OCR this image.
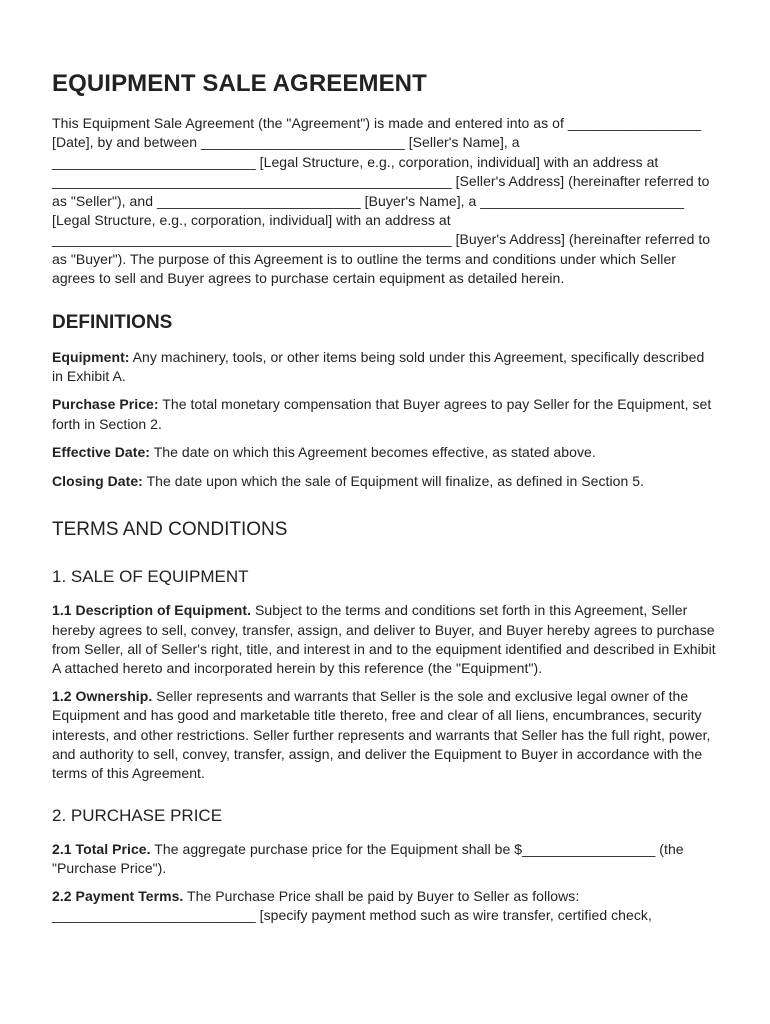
EQUIPMENT SALE AGREEMENT

This Equipment Sale Agreement (the "Agreement") is made and entered into as of _________________ [Date], by and between __________________________ [Seller's Name], a __________________________ [Legal Structure, e.g., corporation, individual] with an address at ___________________________________________________ [Seller's Address] (hereinafter referred to as "Seller"), and __________________________ [Buyer's Name], a __________________________ [Legal Structure, e.g., corporation, individual] with an address at ___________________________________________________ [Buyer's Address] (hereinafter referred to as "Buyer"). The purpose of this Agreement is to outline the terms and conditions under which Seller agrees to sell and Buyer agrees to purchase certain equipment as detailed herein.

DEFINITIONS

Equipment: Any machinery, tools, or other items being sold under this Agreement, specifically described in Exhibit A.

Purchase Price: The total monetary compensation that Buyer agrees to pay Seller for the Equipment, set forth in Section 2.

Effective Date: The date on which this Agreement becomes effective, as stated above.

Closing Date: The date upon which the sale of Equipment will finalize, as defined in Section 5.

TERMS AND CONDITIONS
1. SALE OF EQUIPMENT

1.1 Description of Equipment. Subject to the terms and conditions set forth in this Agreement, Seller hereby agrees to sell, convey, transfer, assign, and deliver to Buyer, and Buyer hereby agrees to purchase from Seller, all of Seller's right, title, and interest in and to the equipment identified and described in Exhibit A attached hereto and incorporated herein by this reference (the "Equipment").

1.2 Ownership. Seller represents and warrants that Seller is the sole and exclusive legal owner of the Equipment and has good and marketable title thereto, free and clear of all liens, encumbrances, security interests, and other restrictions. Seller further represents and warrants that Seller has the full right, power, and authority to sell, convey, transfer, assign, and deliver the Equipment to Buyer in accordance with the terms of this Agreement.

2. PURCHASE PRICE

2.1 Total Price. The aggregate purchase price for the Equipment shall be $_________________ (the "Purchase Price").

2.2 Payment Terms. The Purchase Price shall be paid by Buyer to Seller as follows: __________________________ [specify payment method such as wire transfer, certified check,
